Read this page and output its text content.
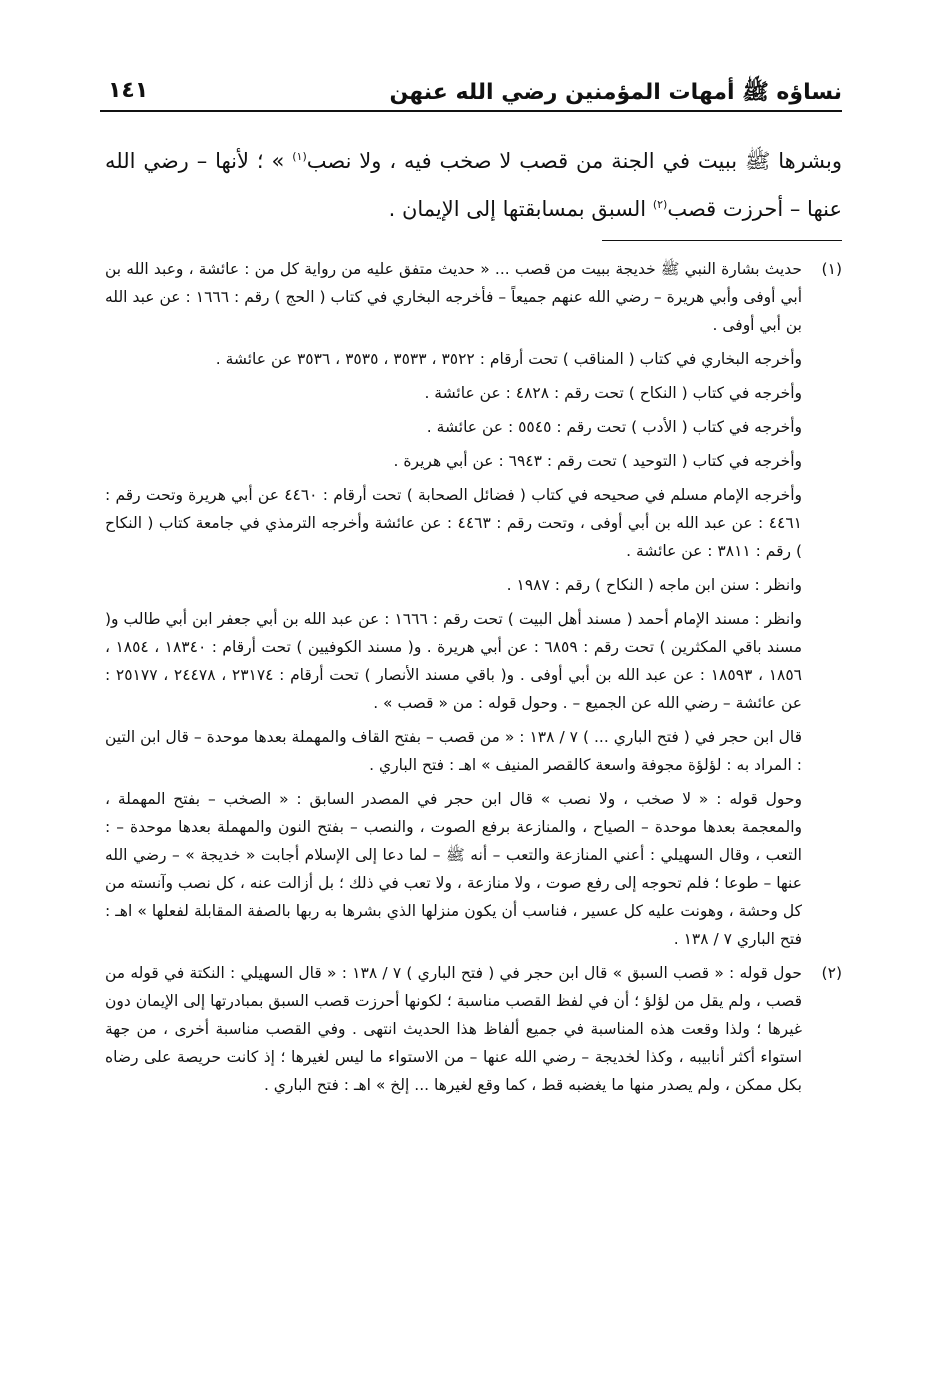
نساؤه ﷺ أمهات المؤمنين رضي الله عنهن
١٤١

وبشرها ﷺ ببيت في الجنة من قصب لا صخب فيه ، ولا نصب$^{(١)}$ » ؛ لأنها – رضي الله عنها – أحرزت قصب$^{(٢)}$ السبق بمسابقتها إلى الإيمان .

(١)

حديث بشارة النبي ﷺ خديجة ببيت من قصب ... « حديث متفق عليه من رواية كل من : عائشة ، وعبد الله بن أبي أوفى وأبي هريرة – رضي الله عنهم جميعاً – فأخرجه البخاري في كتاب ( الحج ) رقم : ١٦٦٦ : عن عبد الله بن أبي أوفى .

وأخرجه البخاري في كتاب ( المناقب ) تحت أرقام : ٣٥٢٢ ، ٣٥٣٣ ، ٣٥٣٥ ، ٣٥٣٦ عن عائشة .

وأخرجه في كتاب ( النكاح ) تحت رقم : ٤٨٢٨ : عن عائشة .

وأخرجه في كتاب ( الأدب ) تحت رقم : ٥٥٤٥ : عن عائشة .

وأخرجه في كتاب ( التوحيد ) تحت رقم : ٦٩٤٣ : عن أبي هريرة .

وأخرجه الإمام مسلم في صحيحه في كتاب ( فضائل الصحابة ) تحت أرقام : ٤٤٦٠ عن أبي هريرة وتحت رقم : ٤٤٦١ : عن عبد الله بن أبي أوفى ، وتحت رقم : ٤٤٦٣ : عن عائشة وأخرجه الترمذي في جامعة كتاب ( النكاح ) رقم : ٣٨١١ : عن عائشة .

وانظر : سنن ابن ماجه ( النكاح ) رقم : ١٩٨٧ .

وانظر : مسند الإمام أحمد ( مسند أهل البيت ) تحت رقم : ١٦٦٦ : عن عبد الله بن أبي جعفر ابن أبي طالب و( مسند باقي المكثرين ) تحت رقم : ٦٨٥٩ : عن أبي هريرة . و( مسند الكوفيين ) تحت أرقام : ١٨٣٤٠ ، ١٨٥٤ ، ١٨٥٦ ، ١٨٥٩٣ : عن عبد الله بن أبي أوفى . و( باقي مسند الأنصار ) تحت أرقام : ٢٣١٧٤ ، ٢٤٤٧٨ ، ٢٥١٧٧ : عن عائشة – رضي الله عن الجميع – . وحول قوله : من « قصب » .

قال ابن حجر في ( فتح الباري ... ) ٧ / ١٣٨ : « من قصب – بفتح القاف والمهملة بعدها موحدة – قال ابن التين : المراد به : لؤلؤة مجوفة واسعة كالقصر المنيف » اهـ : فتح الباري .

وحول قوله : « لا صخب ، ولا نصب » قال ابن حجر في المصدر السابق : « الصخب – بفتح المهملة ، والمعجمة بعدها موحدة – الصياح ، والمنازعة برفع الصوت ، والنصب – بفتح النون والمهملة بعدها موحدة – : التعب ، وقال السهيلي : أعني المنازعة والتعب – أنه ﷺ – لما دعا إلى الإسلام أجابت « خديجة » – رضي الله عنها – طوعا ؛ فلم تحوجه إلى رفع صوت ، ولا منازعة ، ولا تعب في ذلك ؛ بل أزالت عنه ، كل نصب وآنسته من كل وحشة ، وهونت عليه كل عسير ، فناسب أن يكون منزلها الذي بشرها به ربها بالصفة المقابلة لفعلها » اهـ : فتح الباري ٧ / ١٣٨ .

(٢)

حول قوله : « قصب السبق » قال ابن حجر في ( فتح الباري ) ٧ / ١٣٨ : « قال السهيلي : النكتة في قوله من قصب ، ولم يقل من لؤلؤ ؛ أن في لفظ القصب مناسبة ؛ لكونها أحرزت قصب السبق بمبادرتها إلى الإيمان دون غيرها ؛ ولذا وقعت هذه المناسبة في جميع ألفاظ هذا الحديث انتهى . وفي القصب مناسبة أخرى ، من جهة استواء أكثر أنابيبه ، وكذا لخديجة – رضي الله عنها – من الاستواء ما ليس لغيرها ؛ إذ كانت حريصة على رضاه بكل ممكن ، ولم يصدر منها ما يغضبه قط ، كما وقع لغيرها ... إلخ » اهـ : فتح الباري .
